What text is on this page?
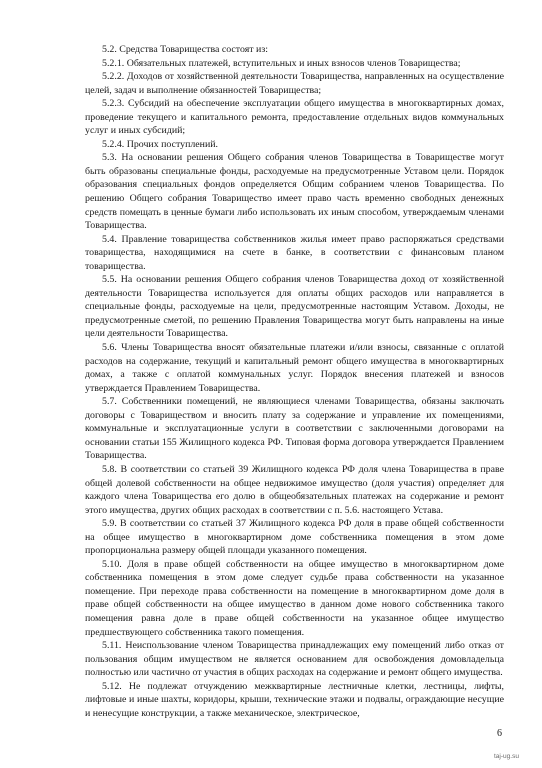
5.2. Средства Товарищества состоят из:

5.2.1. Обязательных платежей, вступительных и иных взносов членов Товарищества;

5.2.2. Доходов от хозяйственной деятельности Товарищества, направленных на осуществление целей, задач и выполнение обязанностей Товарищества;

5.2.3. Субсидий на обеспечение эксплуатации общего имущества в многоквартирных домах, проведение текущего и капитального ремонта, предоставление отдельных видов коммунальных услуг и иных субсидий;

5.2.4. Прочих поступлений.

5.3. На основании решения Общего собрания членов Товарищества в Товариществе могут быть образованы специальные фонды, расходуемые на предусмотренные Уставом цели. Порядок образования специальных фондов определяется Общим собранием членов Товарищества. По решению Общего собрания Товарищество имеет право часть временно свободных денежных средств помещать в ценные бумаги либо использовать их иным способом, утверждаемым членами Товарищества.

5.4. Правление товарищества собственников жилья имеет право распоряжаться средствами товарищества, находящимися на счете в банке, в соответствии с финансовым планом товарищества.

5.5. На основании решения Общего собрания членов Товарищества доход от хозяйственной деятельности Товарищества используется для оплаты общих расходов или направляется в специальные фонды, расходуемые на цели, предусмотренные настоящим Уставом. Доходы, не предусмотренные сметой, по решению Правления Товарищества могут быть направлены на иные цели деятельности Товарищества.

5.6. Члены Товарищества вносят обязательные платежи и/или взносы, связанные с оплатой расходов на содержание, текущий и капитальный ремонт общего имущества в многоквартирных домах, а также с оплатой коммунальных услуг. Порядок внесения платежей и взносов утверждается Правлением Товарищества.

5.7. Собственники помещений, не являющиеся членами Товарищества, обязаны заключать договоры с Товариществом и вносить плату за содержание и управление их помещениями, коммунальные и эксплуатационные услуги в соответствии с заключенными договорами на основании статьи 155 Жилищного кодекса РФ. Типовая форма договора утверждается Правлением Товарищества.

5.8. В соответствии со статьей 39 Жилищного кодекса РФ доля члена Товарищества в праве общей долевой собственности на общее недвижимое имущество (доля участия) определяет для каждого члена Товарищества его долю в общеобязательных платежах на содержание и ремонт этого имущества, других общих расходах в соответствии с п. 5.6. настоящего Устава.

5.9. В соответствии со статьей 37 Жилищного кодекса РФ доля в праве общей собственности на общее имущество в многоквартирном доме собственника помещения в этом доме пропорциональна размеру общей площади указанного помещения.

5.10. Доля в праве общей собственности на общее имущество в многоквартирном доме собственника помещения в этом доме следует судьбе права собственности на указанное помещение. При переходе права собственности на помещение в многоквартирном доме доля в праве общей собственности на общее имущество в данном доме нового собственника такого помещения равна доле в праве общей собственности на указанное общее имущество предшествующего собственника такого помещения.

5.11. Неиспользование членом Товарищества принадлежащих ему помещений либо отказ от пользования общим имуществом не является основанием для освобождения домовладельца полностью или частично от участия в общих расходах на содержание и ремонт общего имущества.

5.12. Не подлежат отчуждению межквартирные лестничные клетки, лестницы, лифты, лифтовые и иные шахты, коридоры, крыши, технические этажи и подвалы, ограждающие несущие и ненесущие конструкции, а также механическое, электрическое,

6
taj-ug.su
